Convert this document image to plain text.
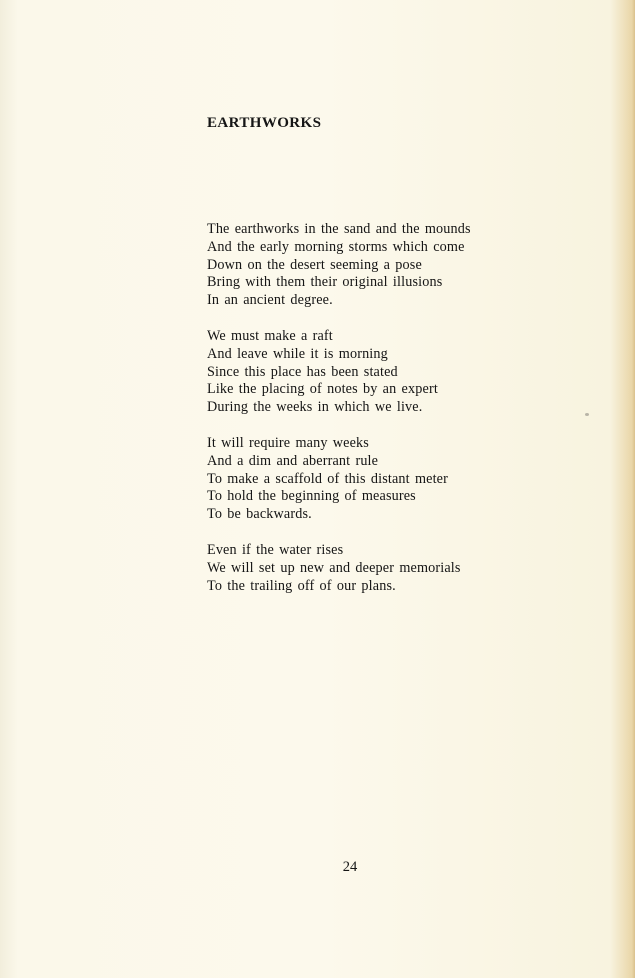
EARTHWORKS
The earthworks in the sand and the mounds
And the early morning storms which come
Down on the desert seeming a pose
Bring with them their original illusions
In an ancient degree.
We must make a raft
And leave while it is morning
Since this place has been stated
Like the placing of notes by an expert
During the weeks in which we live.
It will require many weeks
And a dim and aberrant rule
To make a scaffold of this distant meter
To hold the beginning of measures
To be backwards.
Even if the water rises
We will set up new and deeper memorials
To the trailing off of our plans.
24
